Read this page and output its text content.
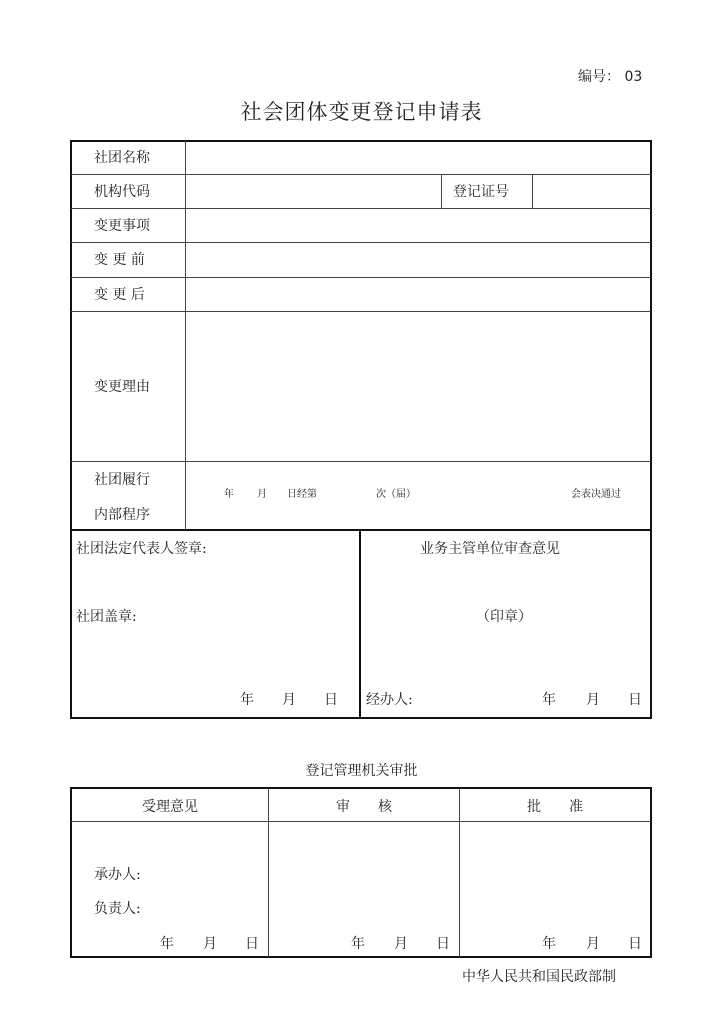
编号： 03
社会团体变更登记申请表
社团名称
机构代码	登记证号
变更事项
变 更 前
变 更 后
变更理由
社团履行
内部程序
年 月 日经第	次（届）	会表决通过
社团法定代表人签章:
社团盖章:
年 月 日
业务主管单位审查意见
（印章）
经办人:	年 月 日
登记管理机关审批
受理意见	审　　核	批　　准
承办人:
负责人:
年 月 日	年 月 日	年 月 日
中华人民共和国民政部制
